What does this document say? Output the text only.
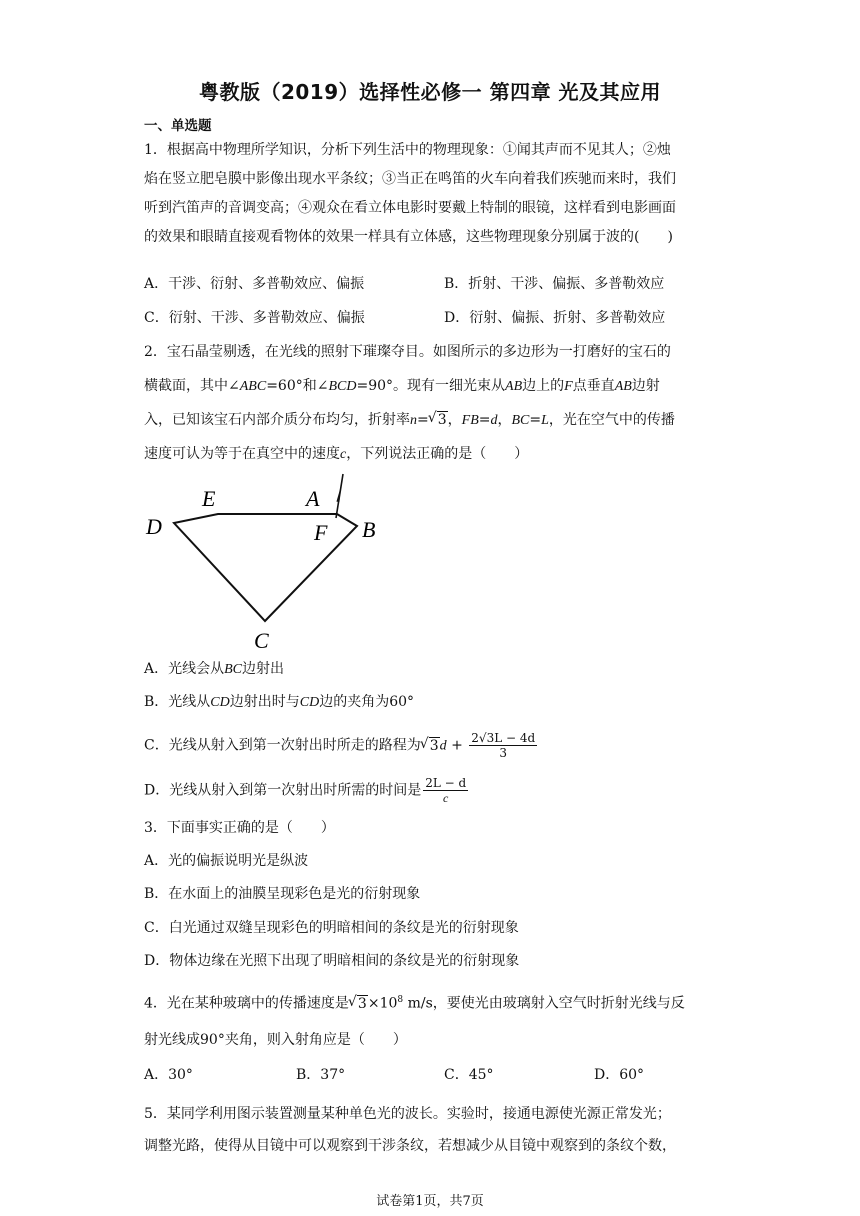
粤教版（2019）选择性必修一 第四章 光及其应用
一、单选题
1．根据高中物理所学知识，分析下列生活中的物理现象：①闻其声而不见其人；②烛
焰在竖立肥皂膜中影像出现水平条纹；③当正在鸣笛的火车向着我们疾驰而来时，我们
听到汽笛声的音调变高；④观众在看立体电影时要戴上特制的眼镜，这样看到电影画面
的效果和眼睛直接观看物体的效果一样具有立体感，这些物理现象分别属于波的(　　)
A．干涉、衍射、多普勒效应、偏振	B．折射、干涉、偏振、多普勒效应
C．衍射、干涉、多普勒效应、偏振	D．衍射、偏振、折射、多普勒效应
2．宝石晶莹剔透，在光线的照射下璀璨夺目。如图所示的多边形为一打磨好的宝石的
横截面，其中∠ABC=60°和∠BCD=90°。现有一细光束从AB边上的F点垂直AB边射
入，已知该宝石内部介质分布均匀，折射率n= √ 3，FB=d，BC=L，光在空气中的传播
速度可认为等于在真空中的速度c，下列说法正确的是（　　）
E	A
D	F B
C
A．光线会从BC边射出
B．光线从CD边射出时与CD边的夹角为60°
C．光线从射入到第一次射出时所走的路程为 √ $3d + \frac{2√3L - 4d}{3}$
D．光线从射入到第一次射出时所需的时间是 $\frac{2L - d}{c}$
3．下面事实正确的是（　　）
A．光的偏振说明光是纵波
B．在水面上的油膜呈现彩色是光的衍射现象
C．白光通过双缝呈现彩色的明暗相间的条纹是光的衍射现象
D．物体边缘在光照下出现了明暗相间的条纹是光的衍射现象
4．光在某种玻璃中的传播速度是 √ $3\times 10^8$ m/s，要使光由玻璃射入空气时折射光线与反
射光线成90°夹角，则入射角应是（　　）
A．30°	B．37°	C．45°	D．60°
5．某同学利用图示装置测量某种单色光的波长。实验时，接通电源使光源正常发光；
调整光路，使得从目镜中可以观察到干涉条纹，若想减少从目镜中观察到的条纹个数，
试卷第1页，共7页
